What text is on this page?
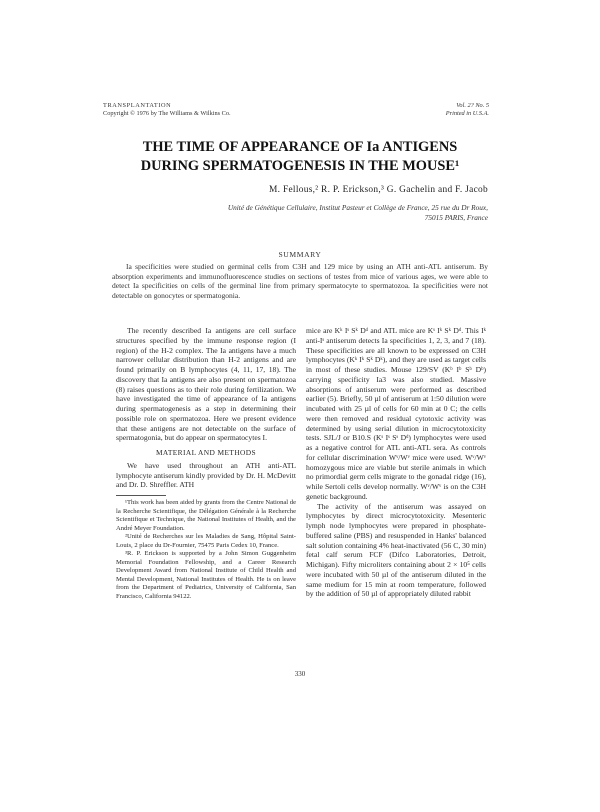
TRANSPLANTATION
Copyright © 1976 by The Williams & Wilkins Co.
Vol. 2? No. 5
Printed in U.S.A.
THE TIME OF APPEARANCE OF Ia ANTIGENS
DURING SPERMATOGENESIS IN THE MOUSE¹
M. Fellous,² R. P. Erickson,³ G. Gachelin and F. Jacob
Unité de Génétique Cellulaire, Institut Pasteur et Collège de France, 25 rue du Dr Roux,
75015 PARIS, France
SUMMARY
Ia specificities were studied on germinal cells from C3H and 129 mice by using an ATH anti-ATL antiserum. By absorption experiments and immunofluorescence studies on sections of testes from mice of various ages, we were able to detect Ia specificities on cells of the germinal line from primary spermatocyte to spermatozoa. Ia specificities were not detectable on gonocytes or spermatogonia.

The recently described Ia antigens are cell surface structures specified by the immune response region (I region) of the H-2 complex. The Ia antigens have a much narrower cellular distribution than H-2 antigens and are found primarily on B lymphocytes (4, 11, 17, 18). The discovery that Ia antigens are also present on spermatozoa (8) raises questions as to their role during fertilization. We have investigated the time of appearance of Ia antigens during spermatogenesis as a step in determining their possible role on spermatozoa. Here we present evidence that these antigens are not detectable on the surface of spermatogonia, but do appear on spermatocytes I.

MATERIAL AND METHODS

We have used throughout an ATH anti-ATL lymphocyte antiserum kindly provided by Dr. H. McDevitt and Dr. D. Shreffler. ATH

¹This work has been aided by grants from the Centre National de la Recherche Scientifique, the Délégation Générale à la Recherche Scientifique et Technique, the National Institutes of Health, and the André Meyer Foundation.

²Unité de Recherches sur les Maladies de Sang, Hôpital Saint-Louis, 2 place du Dr-Fournier, 75475 Paris Cedex 10, France.

³R. P. Erickson is supported by a John Simon Guggenheim Memorial Foundation Fellowship, and a Career Research Development Award from National Institute of Child Health and Mental Development, National Institutes of Health. He is on leave from the Department of Pediatrics, University of California, San Francisco, California 94122.

mice are Kᵏ Iˢ Sᵏ Dᵈ and ATL mice are Kˢ Iᵏ Sᵏ Dᵈ. This Iᵏ anti-Iˢ antiserum detects Ia specificities 1, 2, 3, and 7 (18). These specificities are all known to be expressed on C3H lymphocytes (Kᵏ Iᵏ Sᵏ Dᵏ), and they are used as target cells in most of these studies. Mouse 129/SV (Kᵇ Iᵇ Sᵇ Dᵇ) carrying specificity Ia3 was also studied. Massive absorptions of antiserum were performed as described earlier (5). Briefly, 50 µl of antiserum at 1:50 dilution were incubated with 25 µl of cells for 60 min at 0 C; the cells were then removed and residual cytotoxic activity was determined by using serial dilution in microcytotoxicity tests. SJL/J or B10.S (Kˢ Iˢ Sˢ Dᵈ) lymphocytes were used as a negative control for ATL anti-ATL sera. As controls for cellular discrimination Wᵛ/Wᵛ mice were used. Wᵛ/Wᵛ homozygous mice are viable but sterile animals in which no primordial germ cells migrate to the gonadal ridge (16), while Sertoli cells develop normally. Wᵛ/Wᵛ is on the C3H genetic background.

The activity of the antiserum was assayed on lymphocytes by direct microcytotoxicity. Mesenteric lymph node lymphocytes were prepared in phosphate-buffered saline (PBS) and resuspended in Hanks' balanced salt solution containing 4% heat-inactivated (56 C, 30 min) fetal calf serum FCF (Difco Laboratories, Detroit, Michigan). Fifty microliters containing about 2 × 10⁵ cells were incubated with 50 µl of the antiserum diluted in the same medium for 15 min at room temperature, followed by the addition of 50 µl of appropriately diluted rabbit

330
